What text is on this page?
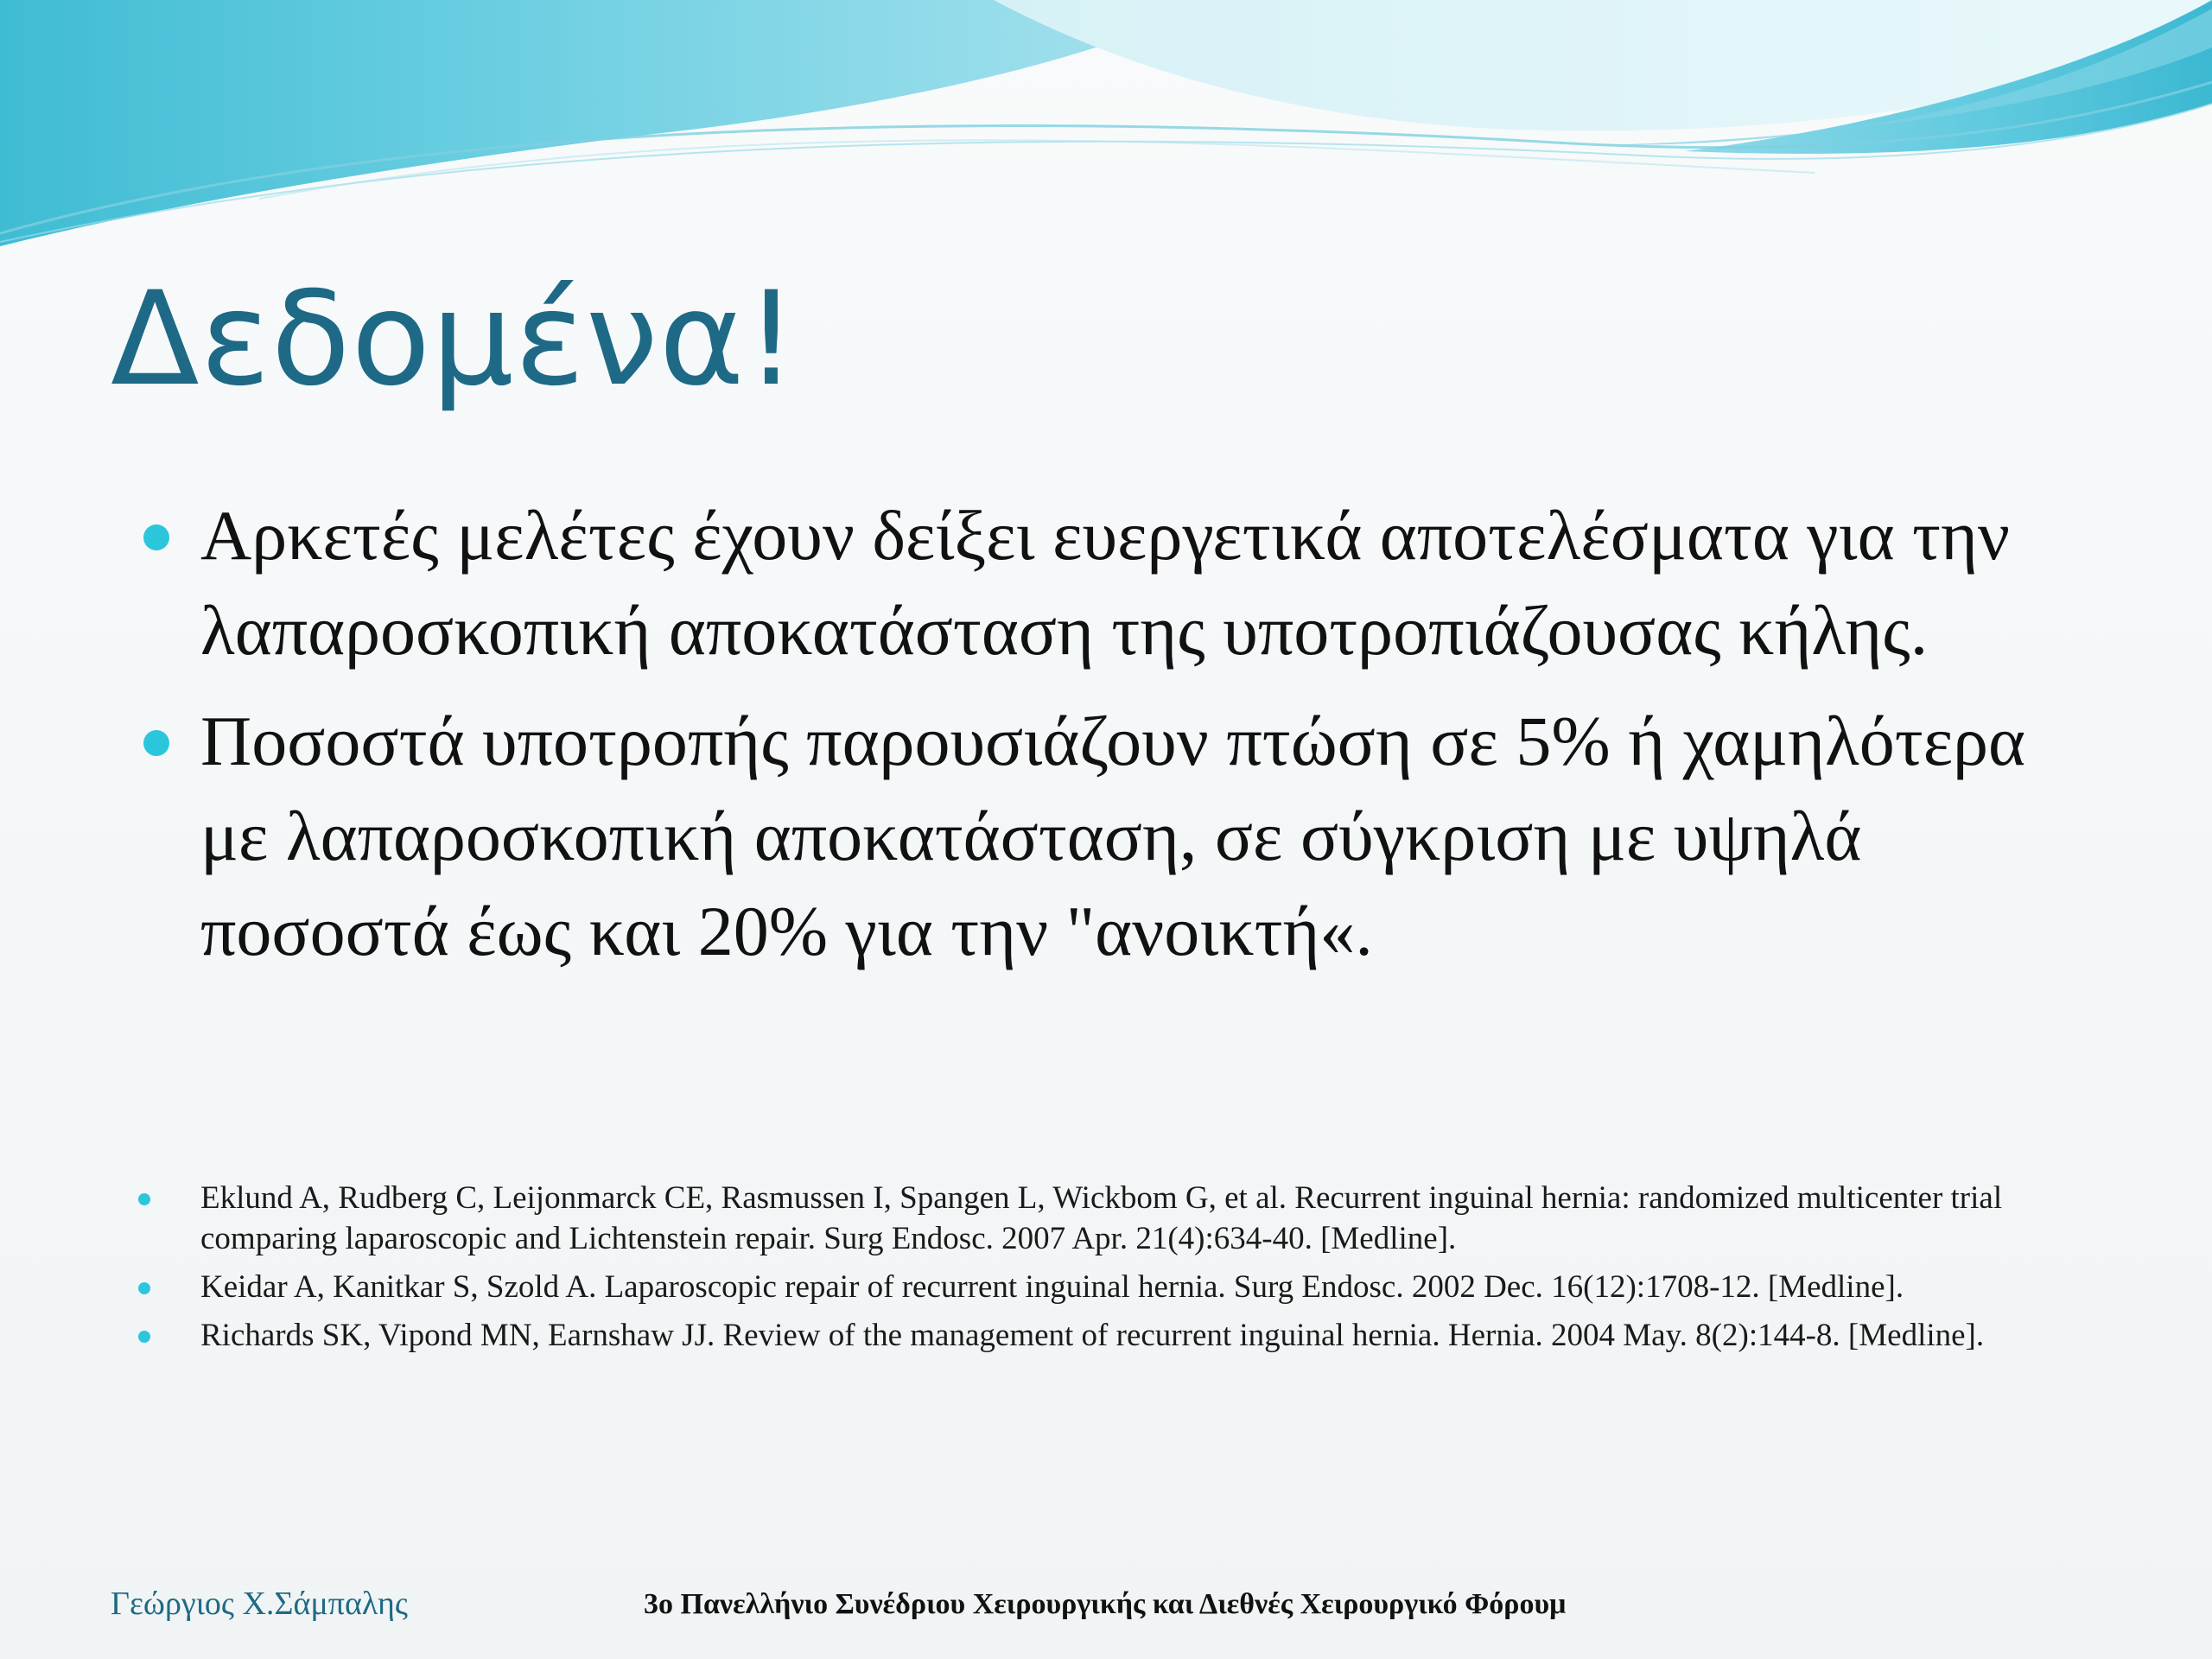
Δεδομένα!
Αρκετές μελέτες έχουν δείξει ευεργετικά αποτελέσματα για την λαπαροσκοπική αποκατάσταση της υποτροπιάζουσας κήλης.
Ποσοστά υποτροπής παρουσιάζουν πτώση σε 5% ή χαμηλότερα με λαπαροσκοπική αποκατάσταση, σε σύγκριση με υψηλά ποσοστά έως και 20% για την "ανοικτή«.
Eklund A, Rudberg C, Leijonmarck CE, Rasmussen I, Spangen L, Wickbom G, et al. Recurrent inguinal hernia: randomized multicenter trial comparing laparoscopic and Lichtenstein repair. Surg Endosc. 2007 Apr. 21(4):634-40. [Medline].
Keidar A, Kanitkar S, Szold A. Laparoscopic repair of recurrent inguinal hernia. Surg Endosc. 2002 Dec. 16(12):1708-12. [Medline].
Richards SK, Vipond MN, Earnshaw JJ. Review of the management of recurrent inguinal hernia. Hernia. 2004 May. 8(2):144-8. [Medline].
Γεώργιος Χ.Σάμπαλης	3ο Πανελλήνιο Συνέδριου Χειρουργικής και Διεθνές Χειρουργικό Φόρουμ
